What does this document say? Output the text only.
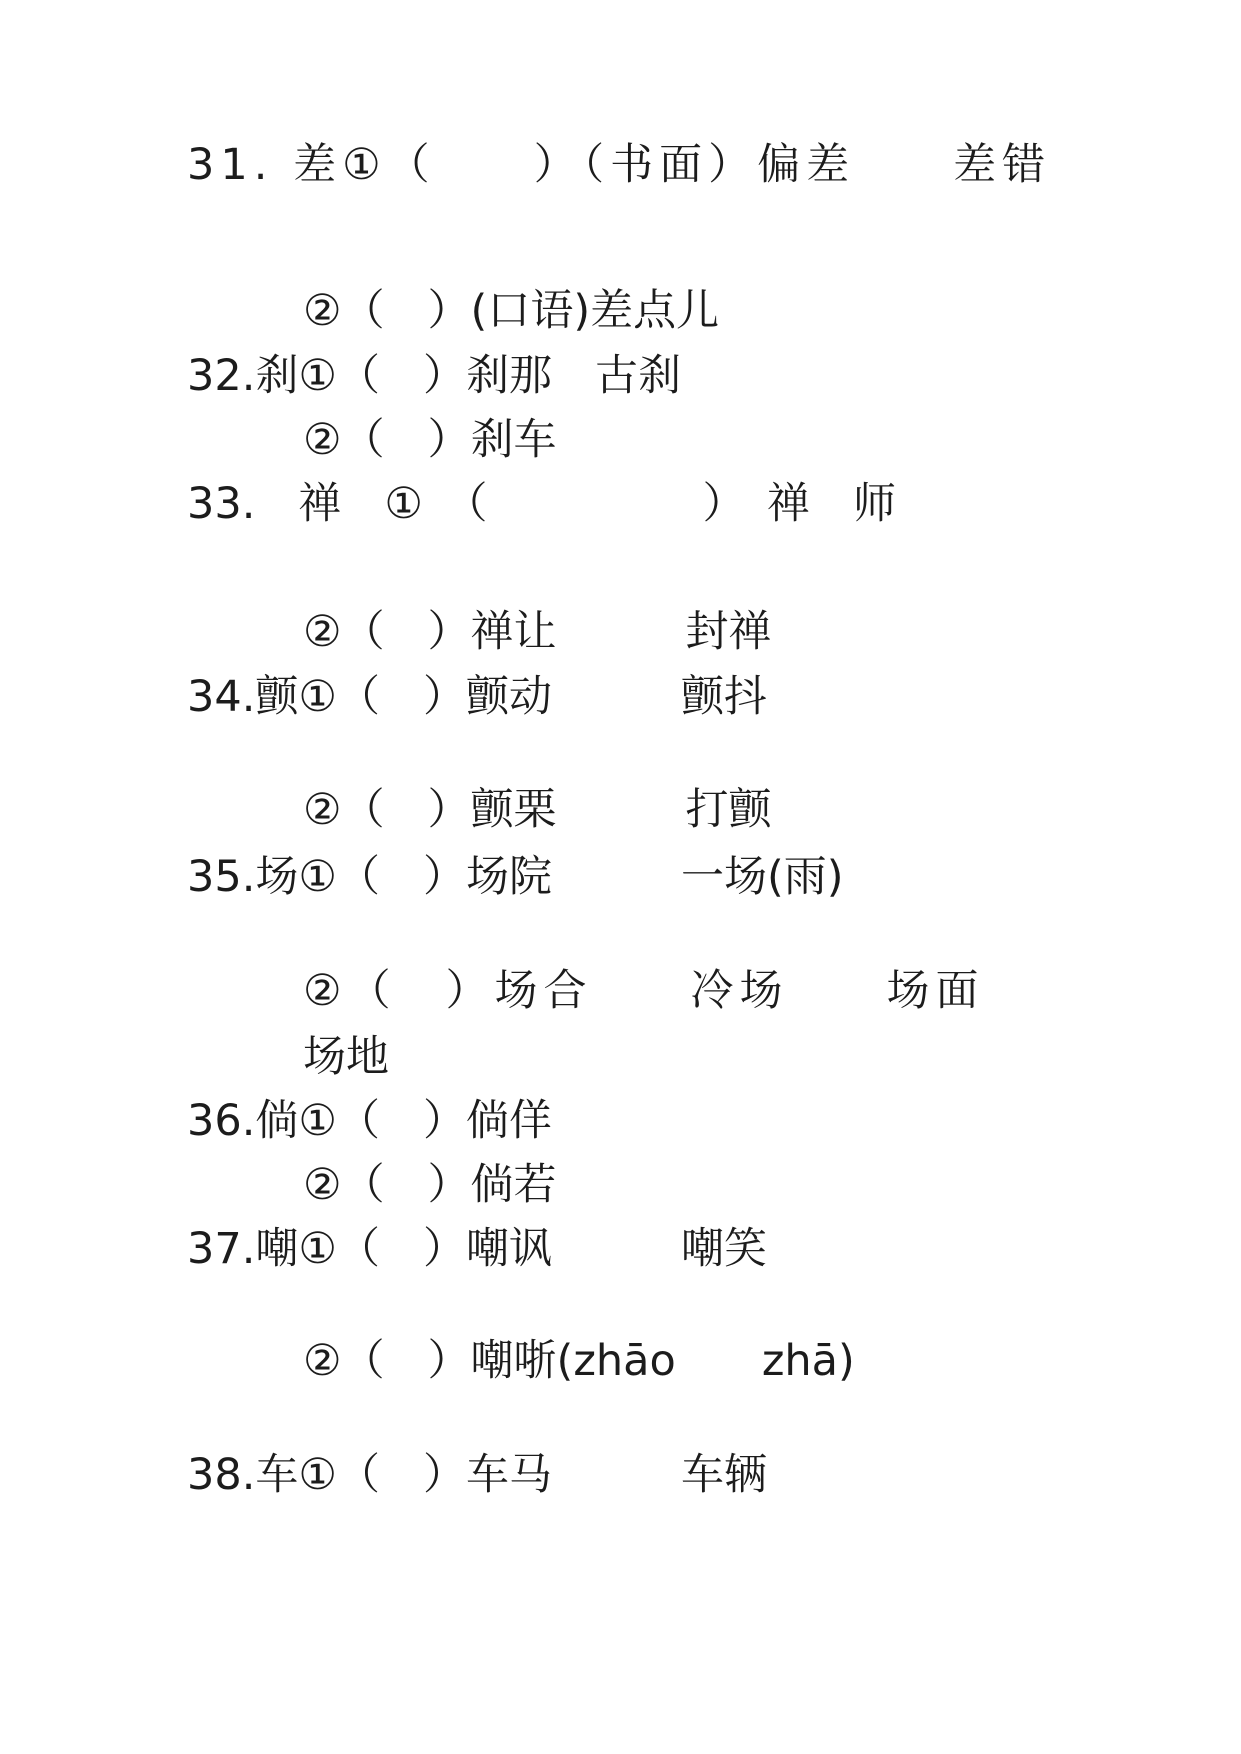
31. 差①（　　）（书面）偏差　　差错
②（　）(口语)差点儿
32.刹①（　）刹那　古刹
②（　）刹车
33.　 禅　 ①　 （　　　　　）　禅　师
②（　）禅让　　　封禅
34.颤①（　）颤动　　　颤抖
②（　）颤栗　　　打颤
35.场①（　）场院　　　一场(雨)
②（　）场合　　冷场　　场面
场地
36.倘①（　）倘佯
②（　）倘若
37.嘲①（　）嘲讽　　　嘲笑
②（　）嘲哳(zhāo　　zhā)
38.车①（　）车马　　　车辆
